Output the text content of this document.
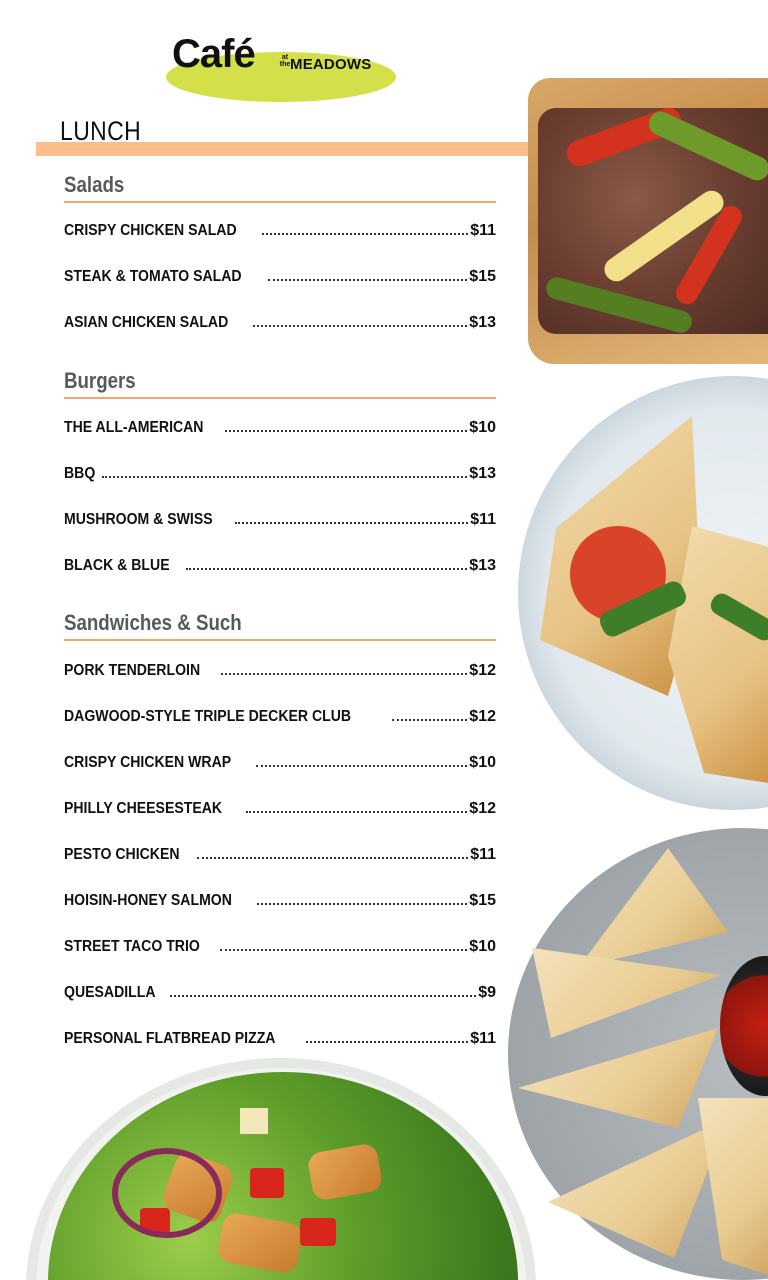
Café	at the MEADOWS
LUNCH
Salads
CRISPY CHICKEN SALAD	$11
STEAK & TOMATO SALAD	$15
ASIAN CHICKEN SALAD	$13
Burgers
THE ALL-AMERICAN	$10
BBQ	$13
MUSHROOM & SWISS	$11
BLACK & BLUE	$13
Sandwiches & Such
PORK TENDERLOIN	$12
DAGWOOD-STYLE TRIPLE DECKER CLUB	$12
CRISPY CHICKEN WRAP	$10
PHILLY CHEESESTEAK	$12
PESTO CHICKEN	$11
HOISIN-HONEY SALMON	$15
STREET TACO TRIO	$10
QUESADILLA	$9
PERSONAL FLATBREAD PIZZA	$11
